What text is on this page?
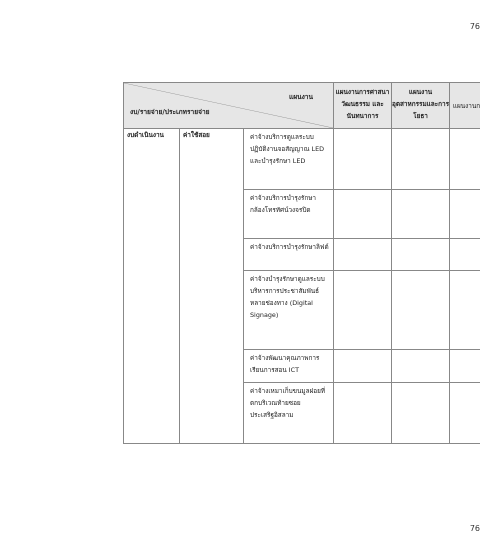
76
แผนงาน
งบ/รายจ่าย/ประเภทรายจ่าย			แผนงานการศาสนา วัฒนธรรม และนันทนาการ	แผนงาน อุตสาหกรรมและการโยธา	แผนงานก
งบดำเนินงาน	ค่าใช้สอย	ค่าจ้างบริการดูแลระบบปฏิบัติงานจอสัญญาณ LED และบำรุงรักษา LED			
		ค่าจ้างบริการบำรุงรักษากล้องโทรทัศน์วงจรปิด			
		ค่าจ้างบริการบำรุงรักษาลิฟต์			
		ค่าจ้างบำรุงรักษาดูแลระบบบริหารการประชาสัมพันธ์ หลายช่องทาง (Digital Signage)			
		ค่าจ้างพัฒนาคุณภาพการเรียนการสอน ICT			
		ค่าจ้างเหมาเก็บขนมูลฝอยที่ตกบริเวณท้ายซอยประเสริฐอิสลาม			
76
